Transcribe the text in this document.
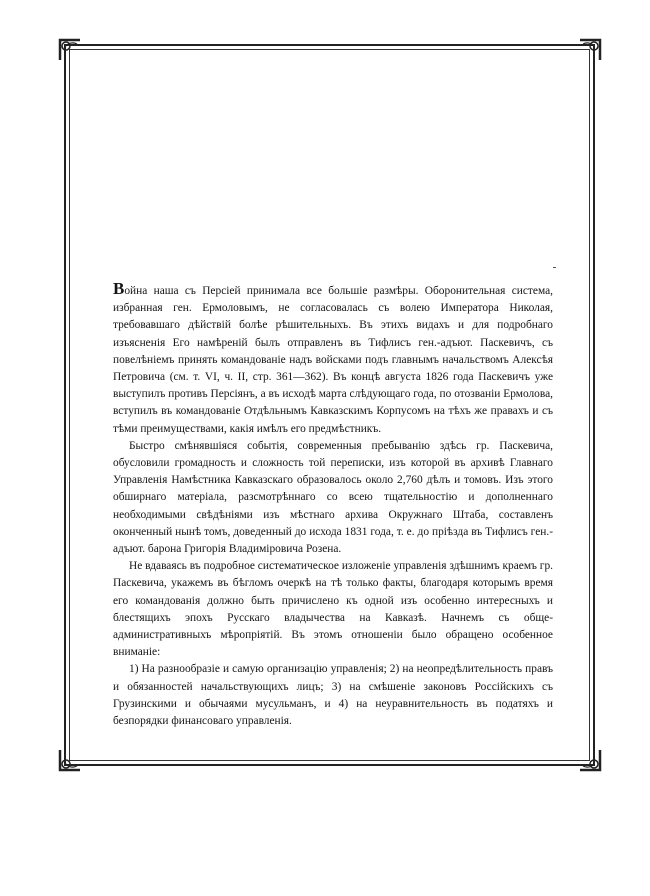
Война наша съ Персіей принимала все большіе размѣры. Оборонительная система, избранная ген. Ермоловымъ, не согласовалась съ волею Императора Николая, требовавшаго дѣйствій болѣе рѣшительныхъ. Въ этихъ видахъ и для подробнаго изъясненія Его намѣреній былъ отправленъ въ Тифлисъ ген.-адъют. Паскевичъ, съ повелѣніемъ принять командованіе надъ войсками подъ главнымъ начальствомъ Алексѣя Петровича (см. т. VI, ч. II, стр. 361—362). Въ концѣ августа 1826 года Паскевичъ уже выступилъ противъ Персіянъ, а въ исходѣ марта слѣдующаго года, по отозваніи Ермолова, вступилъ въ командованіе Отдѣльнымъ Кавказскимъ Корпусомъ на тѣхъ же правахъ и съ тѣми преимуществами, какія имѣлъ его предмѣстникъ.

Быстро смѣнявшіяся событія, современныя пребыванію здѣсь гр. Паскевича, обусловили громадность и сложность той переписки, изъ которой въ архивѣ Главнаго Управленія Намѣстника Кавказскаго образовалось около 2,760 дѣлъ и томовъ. Изъ этого обширнаго матеріала, разсмотрѣннаго со всею тщательностію и дополненнаго необходимыми свѣдѣніями изъ мѣстнаго архива Окружнаго Штаба, составленъ оконченный нынѣ томъ, доведенный до исхода 1831 года, т. е. до пріѣзда въ Тифлисъ ген.-адъют. барона Григорія Владиміровича Розена.

Не вдаваясь въ подробное систематическое изложеніе управленія здѣшнимъ краемъ гр. Паскевича, укажемъ въ бѣгломъ очеркѣ на тѣ только факты, благодаря которымъ время его командованія должно быть причислено къ одной изъ особенно интересныхъ и блестящихъ эпохъ Русскаго владычества на Кавказѣ. Начнемъ съ обще-административныхъ мѣропріятій. Въ этомъ отношеніи было обращено особенное вниманіе:

1) На разнообразіе и самую организацію управленія; 2) на неопредѣлительность правъ и обязанностей начальствующихъ лицъ; 3) на смѣшеніе законовъ Россійскихъ съ Грузинскими и обычаями мусульманъ, и 4) на неуравнительность въ податяхъ и безпорядки финансоваго управленія.
